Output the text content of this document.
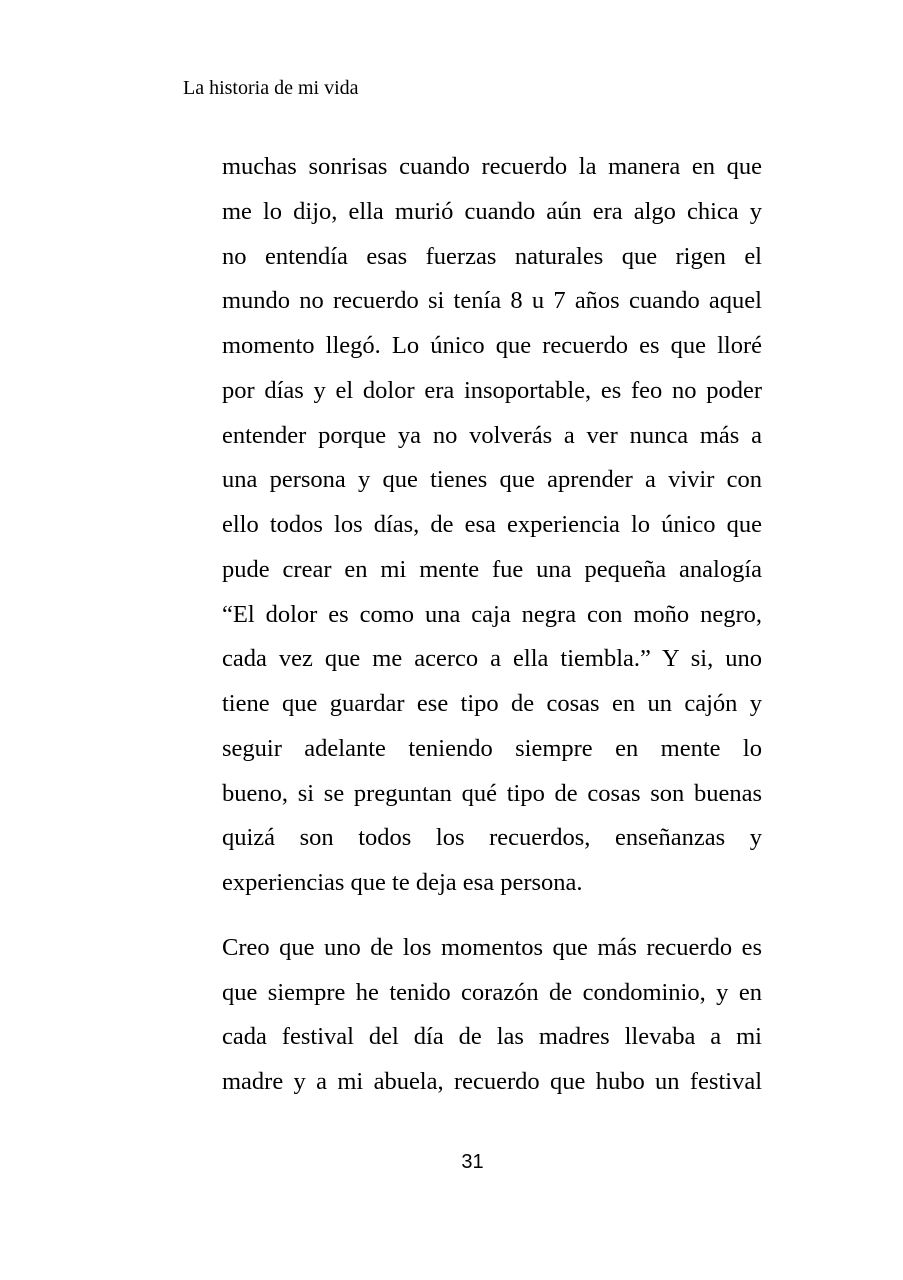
La historia de mi vida

muchas sonrisas cuando recuerdo la manera en que
me lo dijo, ella murió cuando aún era algo chica y
no entendía esas fuerzas naturales que rigen el
mundo no recuerdo si tenía 8 u 7 años cuando aquel
momento llegó. Lo único que recuerdo es que lloré
por días y el dolor era insoportable, es feo no poder
entender porque ya no volverás a ver nunca más a
una persona y que tienes que aprender a vivir con
ello todos los días, de esa experiencia lo único que
pude crear en mi mente fue una pequeña analogía
“El dolor es como una caja negra con moño negro,
cada vez que me acerco a ella tiembla.” Y si, uno
tiene que guardar ese tipo de cosas en un cajón y
seguir adelante teniendo siempre en mente lo
bueno, si se preguntan qué tipo de cosas son buenas
quizá son todos los recuerdos, enseñanzas y
experiencias que te deja esa persona.

Creo que uno de los momentos que más recuerdo es
que siempre he tenido corazón de condominio, y en
cada festival del día de las madres llevaba a mi
madre y a mi abuela, recuerdo que hubo un festival

31
